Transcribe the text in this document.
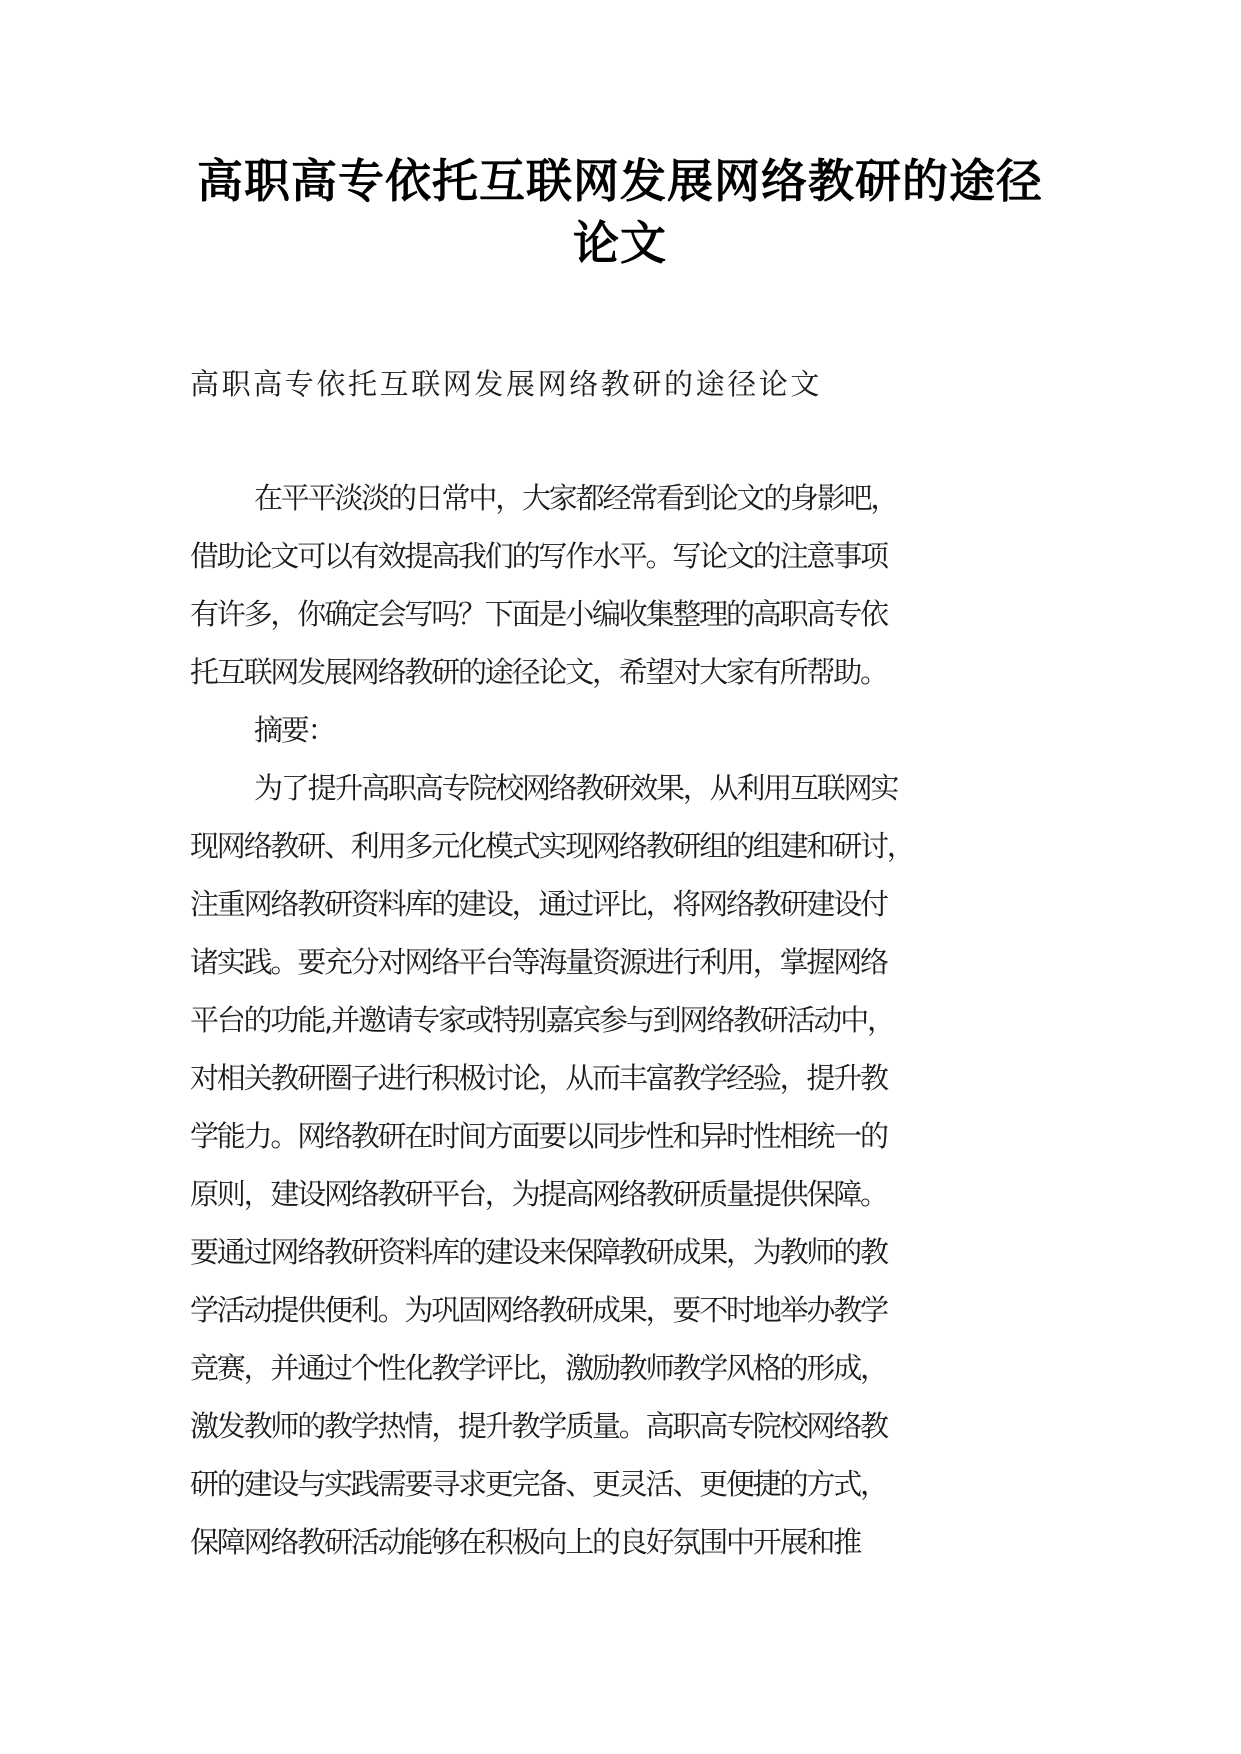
高职高专依托互联网发展网络教研的途径
论文

高职高专依托互联网发展网络教研的途径论文

在平平淡淡的日常中，大家都经常看到论文的身影吧，
借助论文可以有效提高我们的写作水平。写论文的注意事项
有许多，你确定会写吗？下面是小编收集整理的高职高专依
托互联网发展网络教研的途径论文，希望对大家有所帮助。
摘要：
为了提升高职高专院校网络教研效果，从利用互联网实
现网络教研、利用多元化模式实现网络教研组的组建和研讨，
注重网络教研资料库的建设，通过评比，将网络教研建设付
诸实践。要充分对网络平台等海量资源进行利用，掌握网络
平台的功能,并邀请专家或特别嘉宾参与到网络教研活动中，
对相关教研圈子进行积极讨论，从而丰富教学经验，提升教
学能力。网络教研在时间方面要以同步性和异时性相统一的
原则，建设网络教研平台，为提高网络教研质量提供保障。
要通过网络教研资料库的建设来保障教研成果，为教师的教
学活动提供便利。为巩固网络教研成果，要不时地举办教学
竞赛，并通过个性化教学评比，激励教师教学风格的形成，
激发教师的教学热情，提升教学质量。高职高专院校网络教
研的建设与实践需要寻求更完备、更灵活、更便捷的方式，
保障网络教研活动能够在积极向上的良好氛围中开展和推
